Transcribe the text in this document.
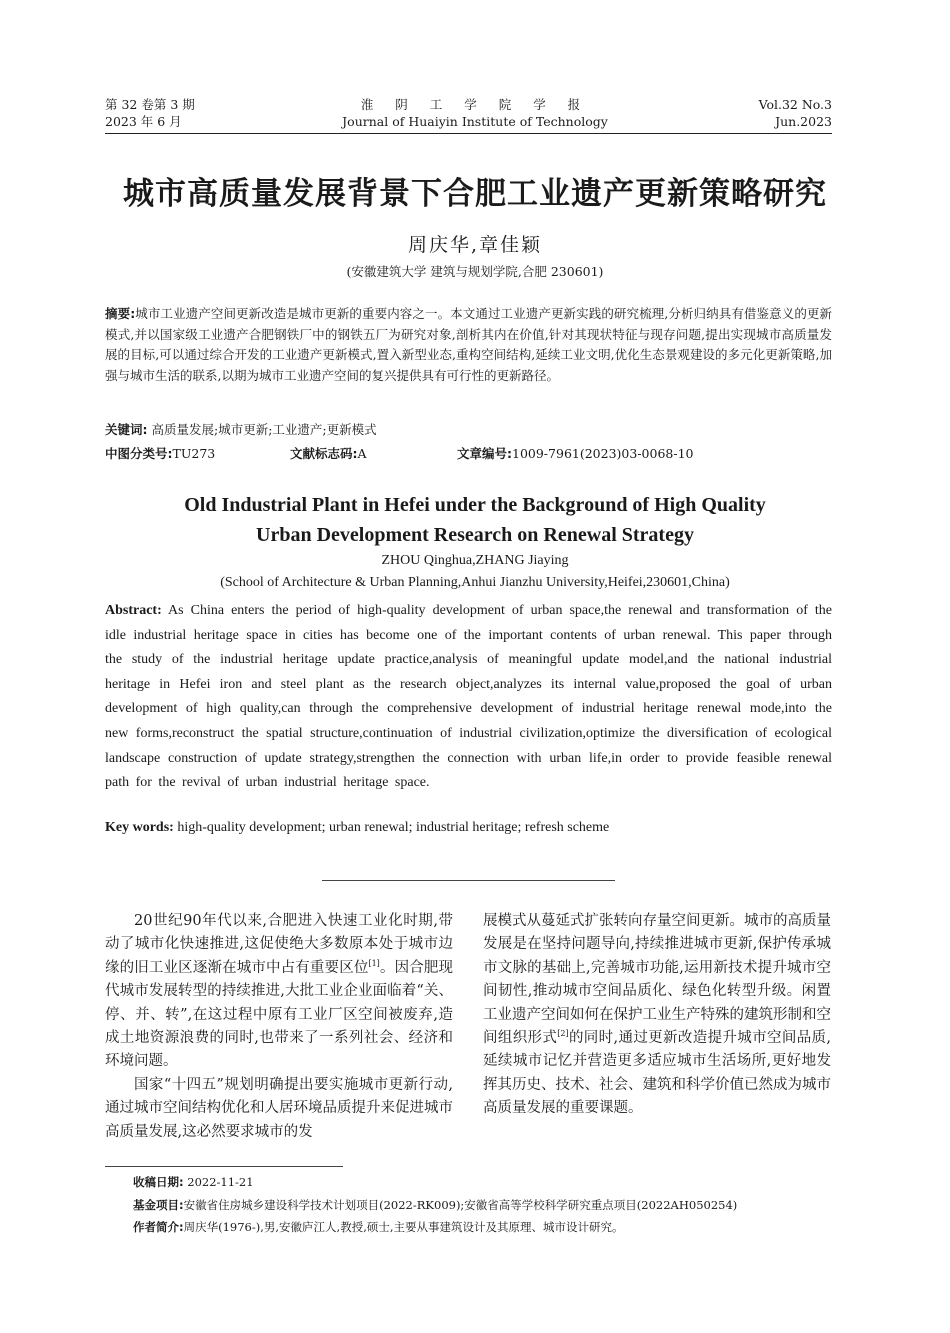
第 32 卷第 3 期
2023 年 6 月
淮 阴 工 学 院 学 报
Journal of Huaiyin Institute of Technology
Vol.32 No.3
Jun.2023
城市高质量发展背景下合肥工业遗产更新策略研究
周庆华,章佳颖
(安徽建筑大学 建筑与规划学院,合肥 230601)
摘要:城市工业遗产空间更新改造是城市更新的重要内容之一。本文通过工业遗产更新实践的研究梳理,分析归纳具有借鉴意义的更新模式,并以国家级工业遗产合肥钢铁厂中的钢铁五厂为研究对象,剖析其内在价值,针对其现状特征与现存问题,提出实现城市高质量发展的目标,可以通过综合开发的工业遗产更新模式,置入新型业态,重构空间结构,延续工业文明,优化生态景观建设的多元化更新策略,加强与城市生活的联系,以期为城市工业遗产空间的复兴提供具有可行性的更新路径。
关键词: 高质量发展;城市更新;工业遗产;更新模式
中图分类号:TU273	文献标志码:A	文章编号:1009-7961(2023)03-0068-10
Old Industrial Plant in Hefei under the Background of High Quality
Urban Development Research on Renewal Strategy
ZHOU Qinghua,ZHANG Jiaying
(School of Architecture & Urban Planning,Anhui Jianzhu University,Heifei,230601,China)
Abstract: As China enters the period of high-quality development of urban space,the renewal and transformation of the idle industrial heritage space in cities has become one of the important contents of urban renewal. This paper through the study of the industrial heritage update practice,analysis of meaningful update model,and the national industrial heritage in Hefei iron and steel plant as the research object,analyzes its internal value,proposed the goal of urban development of high quality,can through the comprehensive development of industrial heritage renewal mode,into the new forms,reconstruct the spatial structure,continuation of industrial civilization,optimize the diversification of ecological landscape construction of update strategy,strengthen the connection with urban life,in order to provide feasible renewal path for the revival of urban industrial heritage space.
Key words: high-quality development; urban renewal; industrial heritage; refresh scheme

20世纪90年代以来,合肥进入快速工业化时期,带动了城市化快速推进,这促使绝大多数原本处于城市边缘的旧工业区逐渐在城市中占有重要区位[1]。因合肥现代城市发展转型的持续推进,大批工业企业面临着“关、停、并、转”,在这过程中原有工业厂区空间被废弃,造成土地资源浪费的同时,也带来了一系列社会、经济和环境问题。

国家“十四五”规划明确提出要实施城市更新行动,通过城市空间结构优化和人居环境品质提升来促进城市高质量发展,这必然要求城市的发

展模式从蔓延式扩张转向存量空间更新。城市的高质量发展是在坚持问题导向,持续推进城市更新,保护传承城市文脉的基础上,完善城市功能,运用新技术提升城市空间韧性,推动城市空间品质化、绿色化转型升级。闲置工业遗产空间如何在保护工业生产特殊的建筑形制和空间组织形式[2]的同时,通过更新改造提升城市空间品质,延续城市记忆并营造更多适应城市生活场所,更好地发挥其历史、技术、社会、建筑和科学价值已然成为城市高质量发展的重要课题。

收稿日期: 2022-11-21
基金项目:安徽省住房城乡建设科学技术计划项目(2022-RK009);安徽省高等学校科学研究重点项目(2022AH050254)
作者简介:周庆华(1976-),男,安徽庐江人,教授,硕士,主要从事建筑设计及其原理、城市设计研究。
